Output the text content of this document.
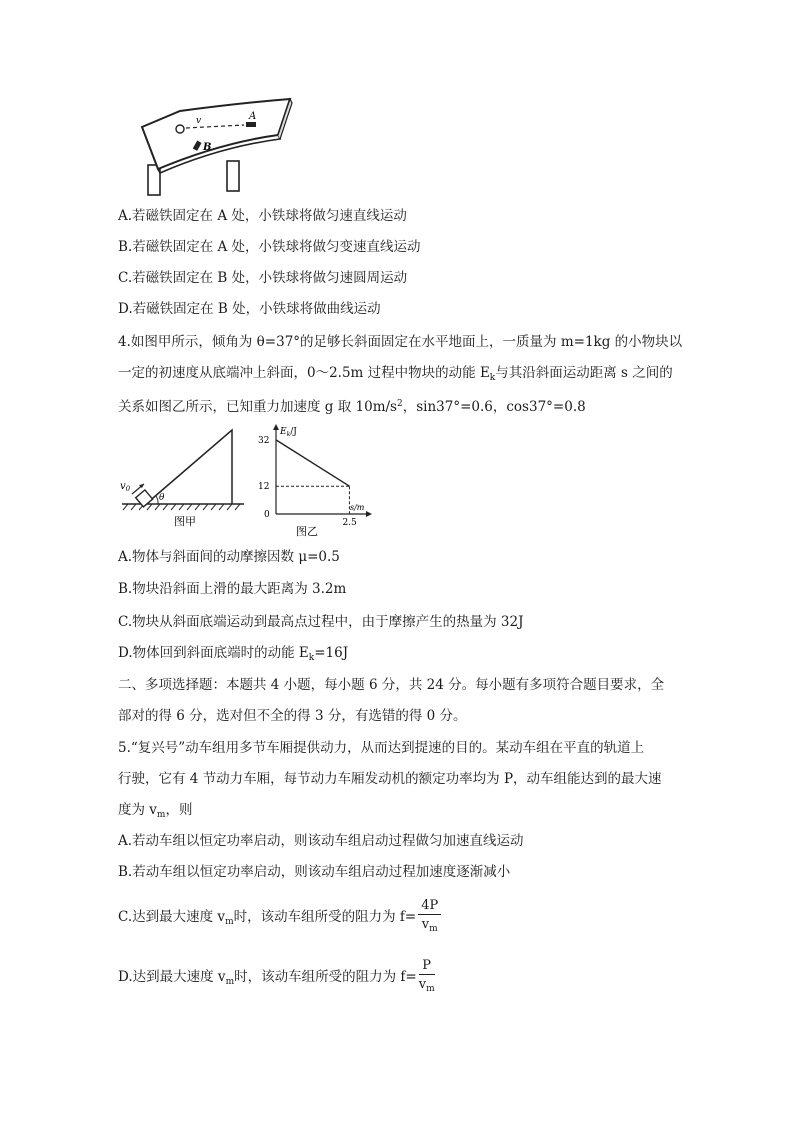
v	A
B
A.若磁铁固定在 A 处，小铁球将做匀速直线运动
B.若磁铁固定在 A 处，小铁球将做匀变速直线运动
C.若磁铁固定在 B 处，小铁球将做匀速圆周运动
D.若磁铁固定在 B 处，小铁球将做曲线运动
4.如图甲所示，倾角为 θ=37°的足够长斜面固定在水平地面上，一质量为 m=1kg 的小物块以
一定的初速度从底端冲上斜面，0～2.5m 过程中物块的动能 $E_k$与其沿斜面运动距离 s 之间的
关系如图乙所示，已知重力加速度 g 取 $10m/s^2$，sin37°=0.6，cos37°=0.8
$v_0$
θ
图甲
$E_k/J$
32
12
0
2.5
s/m
图乙
A.物体与斜面间的动摩擦因数 μ=0.5
B.物块沿斜面上滑的最大距离为 3.2m
C.物块从斜面底端运动到最高点过程中，由于摩擦产生的热量为 32J
D.物体回到斜面底端时的动能 $E_k=16J$
二、多项选择题：本题共 4 小题，每小题 6 分，共 24 分。每小题有多项符合题目要求，全
部对的得 6 分，选对但不全的得 3 分，有选错的得 0 分。
5.“复兴号”动车组用多节车厢提供动力，从而达到提速的目的。某动车组在平直的轨道上
行驶，它有 4 节动力车厢，每节动力车厢发动机的额定功率均为 P，动车组能达到的最大速
度为 $v_m$，则
A.若动车组以恒定功率启动，则该动车组启动过程做匀加速直线运动
B.若动车组以恒定功率启动，则该动车组启动过程加速度逐渐减小
C.达到最大速度 $v_m$时，该动车组所受的阻力为 $f= \frac{4P}{v_m}$
D.达到最大速度 $v_m$时，该动车组所受的阻力为 $f= \frac{P}{v_m}$
